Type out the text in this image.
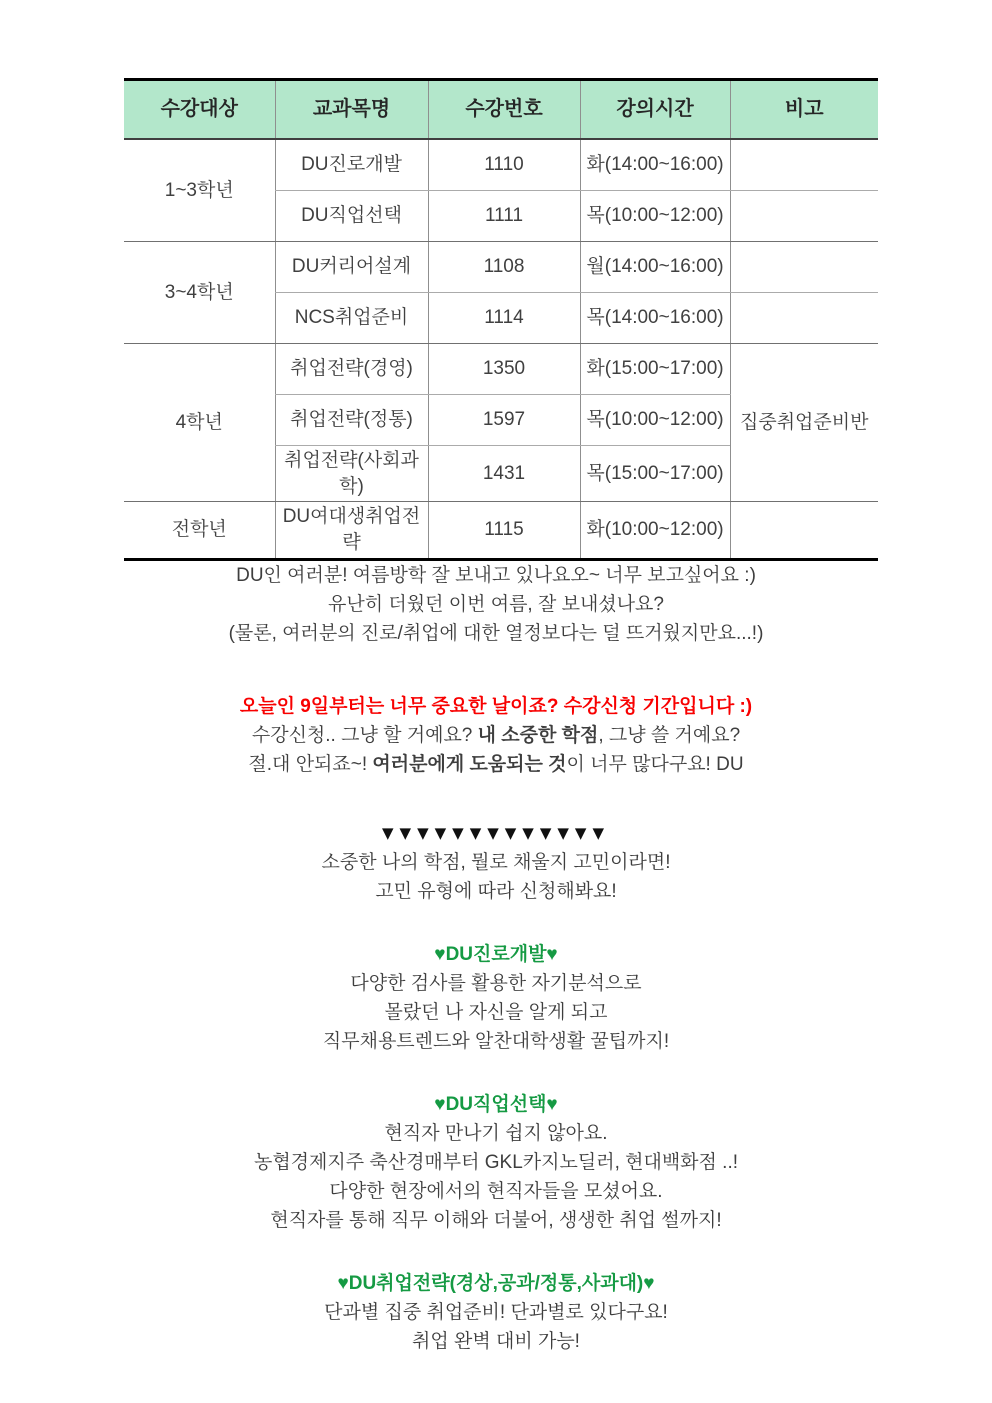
수강대상	교과목명	수강번호	강의시간	비고
1~3학년	DU진로개발	1110	화(14:00~16:00)	
	DU직업선택	1111	목(10:00~12:00)	
3~4학년	DU커리어설계	1108	월(14:00~16:00)	
	NCS취업준비	1114	목(14:00~16:00)	
4학년	취업전략(경영)	1350	화(15:00~17:00)	집중취업준비반
	취업전략(정통)	1597	목(10:00~12:00)	
	취업전략(사회과학)	1431	목(15:00~17:00)	
전학년	DU여대생취업전략	1115	화(10:00~12:00)	

DU인 여러분! 여름방학 잘 보내고 있나요오~ 너무 보고싶어요 :)

유난히 더웠던 이번 여름, 잘 보내셨나요?

(물론, 여러분의 진로/취업에 대한 열정보다는 덜 뜨거웠지만요...!)

오늘인 9일부터는 너무 중요한 날이죠? 수강신청 기간입니다 :)

수강신청.. 그냥 할 거예요? 내 소중한 학점, 그냥 쓸 거예요?

절.대 안되죠~! 여러분에게 도움되는 것이 너무 많다구요! DU

▼▼▼▼▼▼▼▼▼▼▼▼▼

소중한 나의 학점, 뭘로 채울지 고민이라면!

고민 유형에 따라 신청해봐요!

♥DU진로개발♥

다양한 검사를 활용한 자기분석으로

몰랐던 나 자신을 알게 되고

직무채용트렌드와 알찬대학생활 꿀팁까지!

♥DU직업선택♥

현직자 만나기 쉽지 않아요.

농협경제지주 축산경매부터 GKL카지노딜러, 현대백화점 ..!

다양한 현장에서의 현직자들을 모셨어요.

현직자를 통해 직무 이해와 더불어, 생생한 취업 썰까지!

♥DU취업전략(경상,공과/정통,사과대)♥

단과별 집중 취업준비! 단과별로 있다구요!

취업 완벽 대비 가능!
